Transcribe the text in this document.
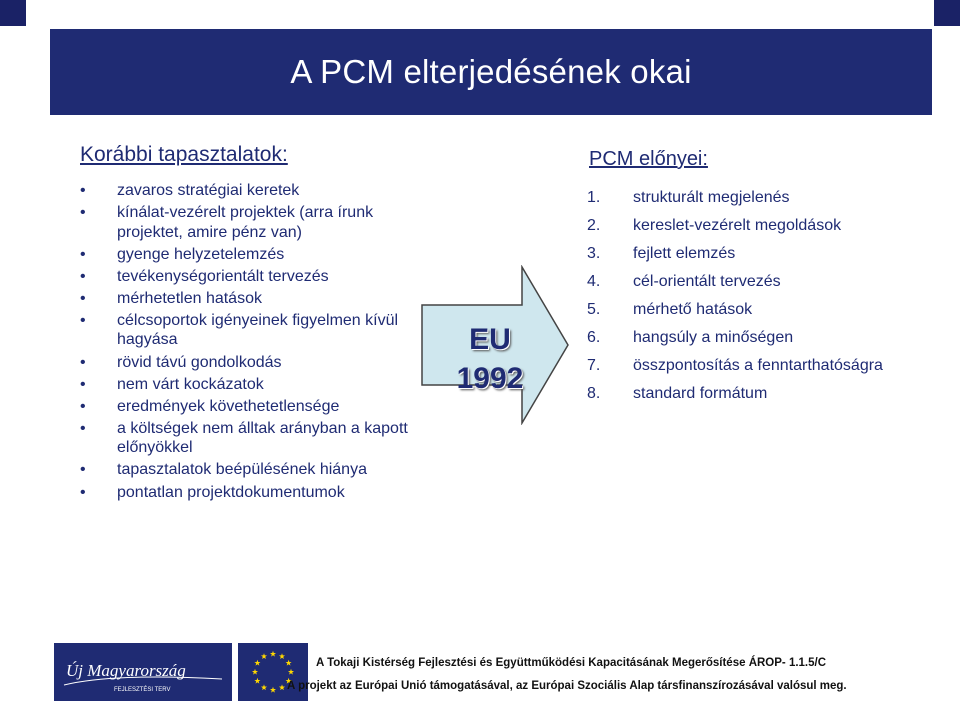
A PCM elterjedésének okai
Korábbi tapasztalatok:
• zavaros stratégiai keretek
• kínálat-vezérelt projektek (arra írunk projektet, amire pénz van)
• gyenge helyzetelemzés
• tevékenységorientált tervezés
• mérhetetlen hatások
• célcsoportok igényeinek figyelmen kívül hagyása
• rövid távú gondolkodás
• nem várt kockázatok
• eredmények követhetetlensége
• a költségek nem álltak arányban a kapott előnyökkel
• tapasztalatok beépülésének hiánya
• pontatlan projektdokumentumok
EU
1992
PCM előnyei:
1. strukturált megjelenés
2. kereslet-vezérelt megoldások
3. fejlett elemzés
4. cél-orientált tervezés
5. mérhető hatások
6. hangsúly a minőségen
7. összpontosítás a fenntarthatóságra
8. standard formátum
Új Magyarország
FEJLESZTÉSI TERV
A Tokaji Kistérség Fejlesztési és Együttműködési Kapacitásának Megerősítése ÁROP- 1.1.5/C
A projekt az Európai Unió támogatásával, az Európai Szociális Alap társfinanszírozásával valósul meg.
